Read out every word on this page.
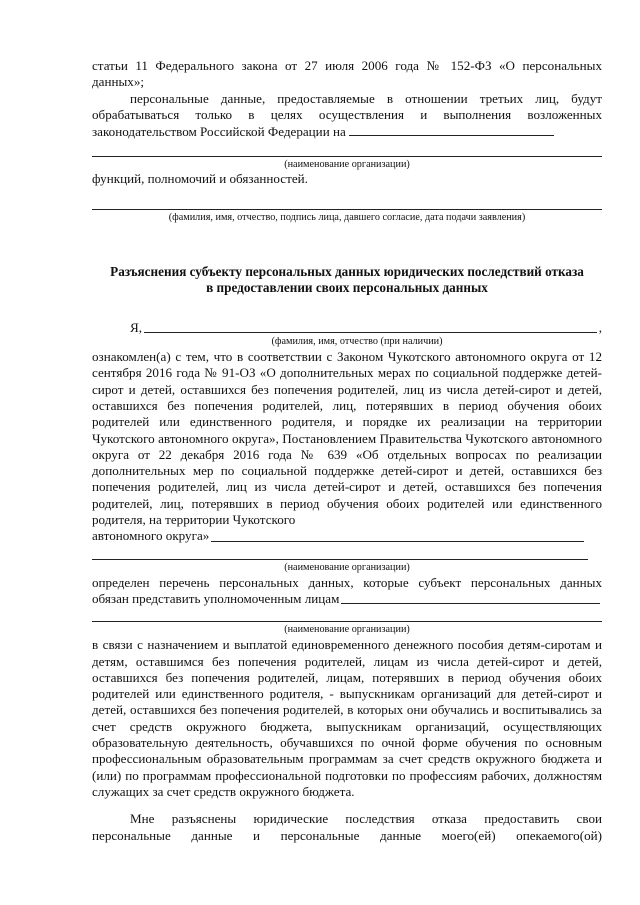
статьи 11 Федерального закона от 27 июля 2006 года № 152-ФЗ «О персональных

данных»;

персональные данные, предоставляемые в отношении третьих лиц, будут обрабатываться только в целях осуществления и выполнения возложенных законодательством Российской Федерации на

(наименование организации)

функций, полномочий и обязанностей.

(фамилия, имя, отчество, подпись лица, давшего согласие, дата подачи заявления)
Разъяснения субъекту персональных данных юридических последствий отказа
в предоставлении своих персональных данных
Я,	,
(фамилия, имя, отчество (при наличии)

ознакомлен(а) с тем, что в соответствии с Законом Чукотского автономного округа от 12 сентября 2016 года № 91-ОЗ «О дополнительных мерах по социальной поддержке детей-сирот и детей, оставшихся без попечения родителей, лиц из числа детей-сирот и детей, оставшихся без попечения родителей, лиц, потерявших в период обучения обоих родителей или единственного родителя, и порядке их реализации на территории Чукотского автономного округа», Постановлением Правительства Чукотского автономного округа от 22 декабря 2016 года № 639 «Об отдельных вопросах по реализации дополнительных мер по социальной поддержке детей-сирот и детей, оставшихся без попечения родителей, лиц из числа детей-сирот и детей, оставшихся без попечения родителей, лиц, потерявших в период обучения обоих родителей или единственного родителя, на территории Чукотского

автономного округа»
(наименование организации)

определен перечень персональных данных, которые субъект персональных данных

обязан представить уполномоченным лицам
(наименование организации)

в связи с назначением и выплатой единовременного денежного пособия детям-сиротам и детям, оставшимся без попечения родителей, лицам из числа детей-сирот и детей, оставшихся без попечения родителей, лицам, потерявших в период обучения обоих родителей или единственного родителя, - выпускникам организаций для детей-сирот и детей, оставшихся без попечения родителей, в которых они обучались и воспитывались за счет средств окружного бюджета, выпускникам организаций, осуществляющих образовательную деятельность, обучавшихся по очной форме обучения по основным профессиональным образовательным программам за счет средств окружного бюджета и (или) по программам профессиональной подготовки по профессиям рабочих, должностям служащих за счет средств окружного бюджета.

Мне разъяснены юридические последствия отказа предоставить свои

персональные данные и персональные данные моего(ей) опекаемого(ой)
